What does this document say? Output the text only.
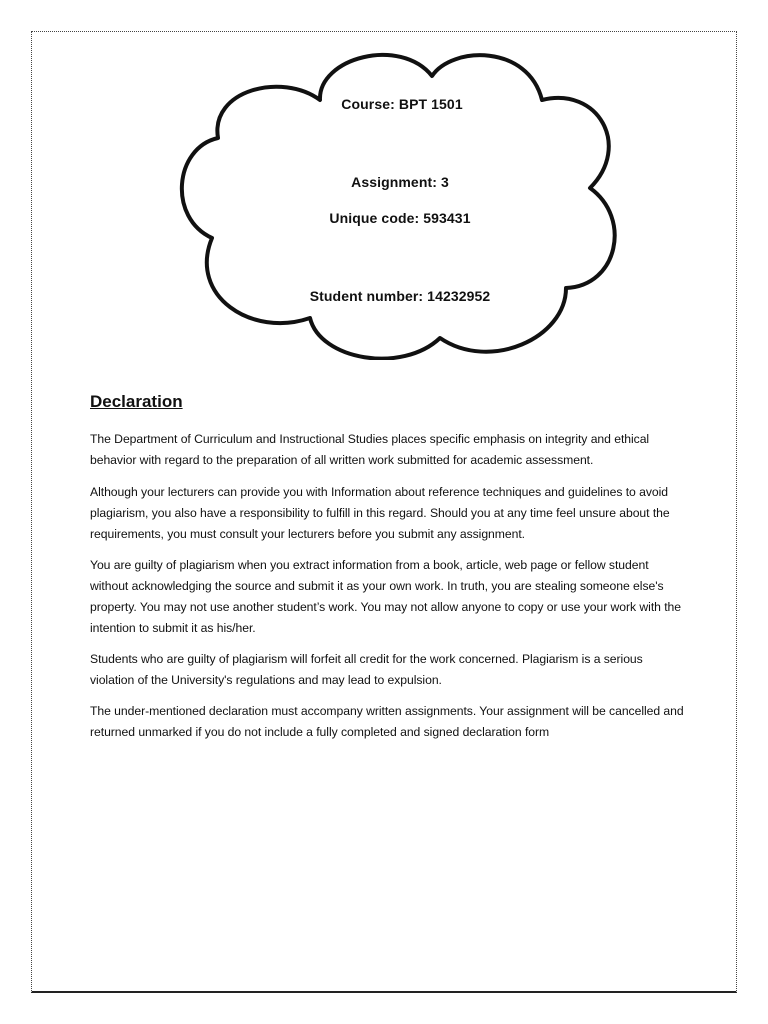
Course: BPT 1501
Assignment: 3
Unique code: 593431
Student number: 14232952
Declaration

The Department of Curriculum and Instructional Studies places specific emphasis on integrity and ethical behavior with regard to the preparation of all written work submitted for academic assessment.

Although your lecturers can provide you with Information about reference techniques and guidelines to avoid plagiarism, you also have a responsibility to fulfill in this regard. Should you at any time feel unsure about the requirements, you must consult your lecturers before you submit any assignment.

You are guilty of plagiarism when you extract information from a book, article, web page or fellow student without acknowledging the source and submit it as your own work. In truth, you are stealing someone else's property. You may not use another student’s work. You may not allow anyone to copy or use your work with the intention to submit it as his/her.

Students who are guilty of plagiarism will forfeit all credit for the work concerned. Plagiarism is a serious violation of the University's regulations and may lead to expulsion.

The under-mentioned declaration must accompany written assignments. Your assignment will be cancelled and returned unmarked if you do not include a fully completed and signed declaration form
